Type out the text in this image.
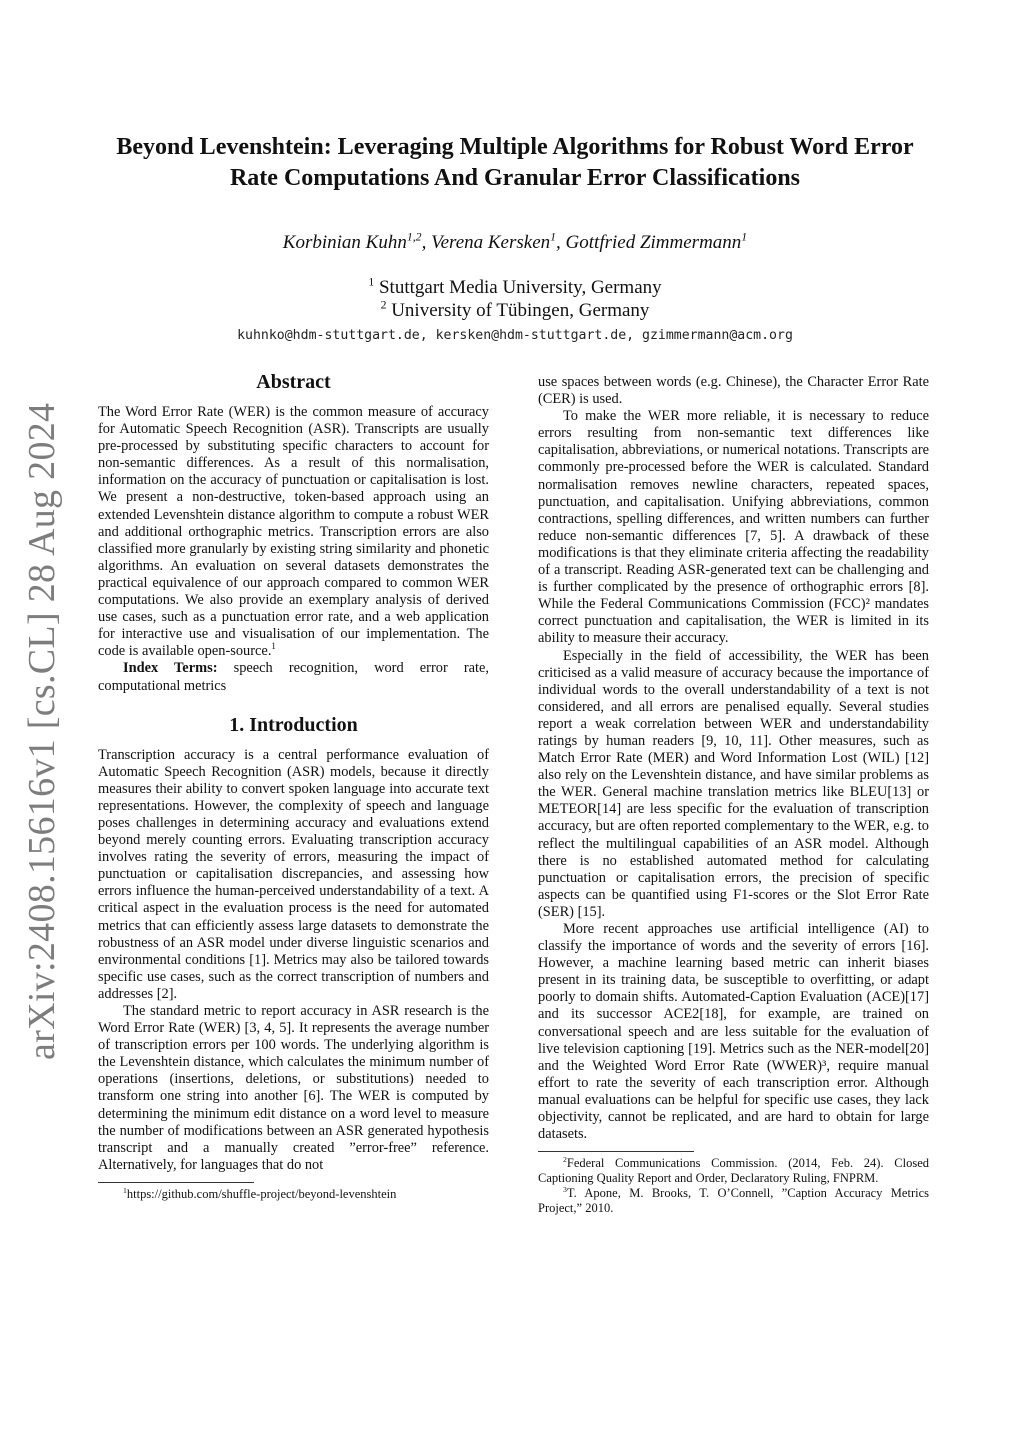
arXiv:2408.15616v1 [cs.CL] 28 Aug 2024
Beyond Levenshtein: Leveraging Multiple Algorithms for Robust Word Error Rate Computations And Granular Error Classifications
Korbinian Kuhn$^{1,2}$, Verena Kersken$^1$, Gottfried Zimmermann$^1$
$^1$ Stuttgart Media University, Germany
$^2$ University of Tübingen, Germany
kuhnko@hdm-stuttgart.de, kersken@hdm-stuttgart.de, gzimmermann@acm.org
Abstract

The Word Error Rate (WER) is the common measure of accuracy for Automatic Speech Recognition (ASR). Transcripts are usually pre-processed by substituting specific characters to account for non-semantic differences. As a result of this normalisation, information on the accuracy of punctuation or capitalisation is lost. We present a non-destructive, token-based approach using an extended Levenshtein distance algorithm to compute a robust WER and additional orthographic metrics. Transcription errors are also classified more granularly by existing string similarity and phonetic algorithms. An evaluation on several datasets demonstrates the practical equivalence of our approach compared to common WER computations. We also provide an exemplary analysis of derived use cases, such as a punctuation error rate, and a web application for interactive use and visualisation of our implementation. The code is available open-source.$^1$

Index Terms: speech recognition, word error rate, computational metrics

1. Introduction

Transcription accuracy is a central performance evaluation of Automatic Speech Recognition (ASR) models, because it directly measures their ability to convert spoken language into accurate text representations. However, the complexity of speech and language poses challenges in determining accuracy and evaluations extend beyond merely counting errors. Evaluating transcription accuracy involves rating the severity of errors, measuring the impact of punctuation or capitalisation discrepancies, and assessing how errors influence the human-perceived understandability of a text. A critical aspect in the evaluation process is the need for automated metrics that can efficiently assess large datasets to demonstrate the robustness of an ASR model under diverse linguistic scenarios and environmental conditions [1]. Metrics may also be tailored towards specific use cases, such as the correct transcription of numbers and addresses [2].

The standard metric to report accuracy in ASR research is the Word Error Rate (WER) [3, 4, 5]. It represents the average number of transcription errors per 100 words. The underlying algorithm is the Levenshtein distance, which calculates the minimum number of operations (insertions, deletions, or substitutions) needed to transform one string into another [6]. The WER is computed by determining the minimum edit distance on a word level to measure the number of modifications between an ASR generated hypothesis transcript and a manually created ”error-free” reference. Alternatively, for languages that do not

$^1$https://github.com/shuffle-project/beyond-levenshtein

use spaces between words (e.g. Chinese), the Character Error Rate (CER) is used.

To make the WER more reliable, it is necessary to reduce errors resulting from non-semantic text differences like capitalisation, abbreviations, or numerical notations. Transcripts are commonly pre-processed before the WER is calculated. Standard normalisation removes newline characters, repeated spaces, punctuation, and capitalisation. Unifying abbreviations, common contractions, spelling differences, and written numbers can further reduce non-semantic differences [7, 5]. A drawback of these modifications is that they eliminate criteria affecting the readability of a transcript. Reading ASR-generated text can be challenging and is further complicated by the presence of orthographic errors [8]. While the Federal Communications Commission (FCC)² mandates correct punctuation and capitalisation, the WER is limited in its ability to measure their accuracy.

Especially in the field of accessibility, the WER has been criticised as a valid measure of accuracy because the importance of individual words to the overall understandability of a text is not considered, and all errors are penalised equally. Several studies report a weak correlation between WER and understandability ratings by human readers [9, 10, 11]. Other measures, such as Match Error Rate (MER) and Word Information Lost (WIL) [12] also rely on the Levenshtein distance, and have similar problems as the WER. General machine translation metrics like BLEU[13] or METEOR[14] are less specific for the evaluation of transcription accuracy, but are often reported complementary to the WER, e.g. to reflect the multilingual capabilities of an ASR model. Although there is no established automated method for calculating punctuation or capitalisation errors, the precision of specific aspects can be quantified using F1-scores or the Slot Error Rate (SER) [15].

More recent approaches use artificial intelligence (AI) to classify the importance of words and the severity of errors [16]. However, a machine learning based metric can inherit biases present in its training data, be susceptible to overfitting, or adapt poorly to domain shifts. Automated-Caption Evaluation (ACE)[17] and its successor ACE2[18], for example, are trained on conversational speech and are less suitable for the evaluation of live television captioning [19]. Metrics such as the NER-model[20] and the Weighted Word Error Rate (WWER)³, require manual effort to rate the severity of each transcription error. Although manual evaluations can be helpful for specific use cases, they lack objectivity, cannot be replicated, and are hard to obtain for large datasets.

$^2$Federal Communications Commission. (2014, Feb. 24). Closed Captioning Quality Report and Order, Declaratory Ruling, FNPRM.

$^3$T. Apone, M. Brooks, T. O’Connell, ”Caption Accuracy Metrics Project,” 2010.
